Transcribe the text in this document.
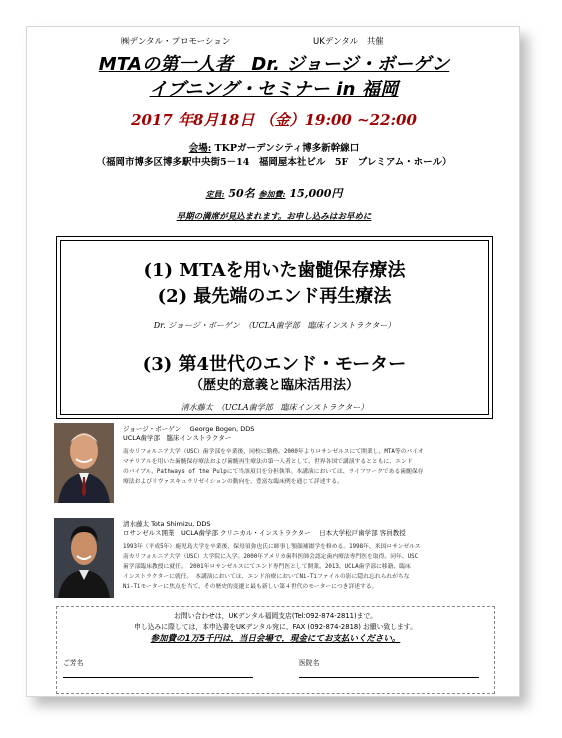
㈱デンタル・プロモーション	UKデンタル　共催
MTAの第一人者　Dr. ジョージ・ボーゲン
イブニング・セミナー in 福岡
2017 年8月18日 （金）19:00 ~22:00
会場: TKPガーデンシティ博多新幹線口
（福岡市博多区博多駅中央街5－14　福岡屋本社ビル　5F　プレミアム・ホール）
定員: 50名 参加費: 15,000円
早期の満席が見込まれます。お申し込みはお早めに
(1) MTAを用いた歯髄保存療法
(2) 最先端のエンド再生療法
Dr. ジョージ・ボーゲン　（UCLA歯学部　臨床インストラクター）
(3) 第4世代のエンド・モーター
（歴史的意義と臨床活用法）
清水藤太　（UCLA歯学部　臨床インストラクター）
ジョージ・ボーゲン　 George Bogen, DDS
UCLA歯学部　臨床インストラクター
南カリフォルニア大学（USC）歯学部を卒業後、同校に勤務。2000年よりロサンゼルスにて開業し、MTA等のバイオ
マテリアルを用いた歯髄保存療法および歯髄再生療法の第一人者として、世界各国で講演するとともに、エンド
のバイブル、Pathways of the Pulpにて当該項目を分担執筆。本講演においては、ライフワークである歯髄保存
療法およびリヴァスキュラリゼイションの動向を、豊富な臨床例を通じて詳述する。
清水藤太 Tota Shimizu, DDS
ロサンゼルス開業　UCLA歯学部 クリニカル・インストラクター　 日本大学松戸歯学部 客員教授
1993年（平成5年）鹿児島大学を卒業後、保母須弥也氏に師事し顎顔補綴学を修める。1998年、米国ロサンゼルス
南カリフォルニア大学（USC）大学院に入学。2000年アメリカ歯科医師会認定歯内療法専門医を取得。同年、USC
歯学部臨床教授に就任。　2001年ロサンゼルスにてエンド専門医として開業。2013、UCLA歯学部に移籍、臨床
インストラクターに就任。　本講演においては、エンド治療においてNi-Tiファイルの影に隠れ忘れられがちな
Ni-Tiモーターに焦点を当て、その歴史的変遷と最も新しい第４世代のモーターにつき詳述する。
お問い合わせは，UKデンタル福岡支店(Tel:092-874-2811)まで。
申し込みに際しては，本申込書をUKデンタル宛に、FAX (092-874-2818) お願い致します。
参加費の1万5千円は，当日会場で，現金にてお支払いください。
ご芳名	医院名
